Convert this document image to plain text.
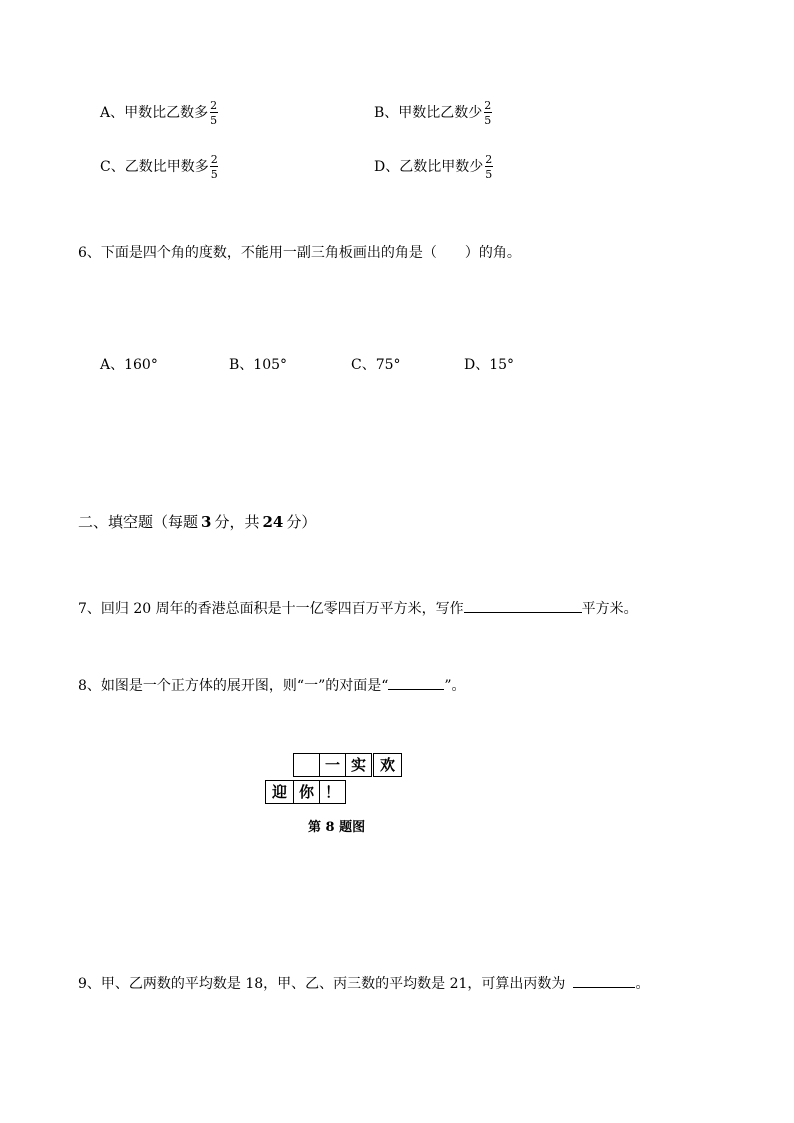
A、甲数比乙数多 $\frac{2}{5}$	B、甲数比乙数少 $\frac{2}{5}$
C、乙数比甲数多 $\frac{2}{5}$	D、乙数比甲数少 $\frac{2}{5}$
6、下面是四个角的度数，不能用一副三角板画出的角是（　　）的角。
A、160°	B、105°	C、75°	D、15°
二、填空题（每题 3 分，共 24 分）
7、回归 20 周年的香港总面积是十一亿零四百万平方米，写作	平方米。
8、如图是一个正方体的展开图，则“一”的对面是“	”。
一 实 欢
迎 你 ！
第 8 题图
9、甲、乙两数的平均数是 18，甲、乙、丙三数的平均数是 21，可算出丙数为	。
